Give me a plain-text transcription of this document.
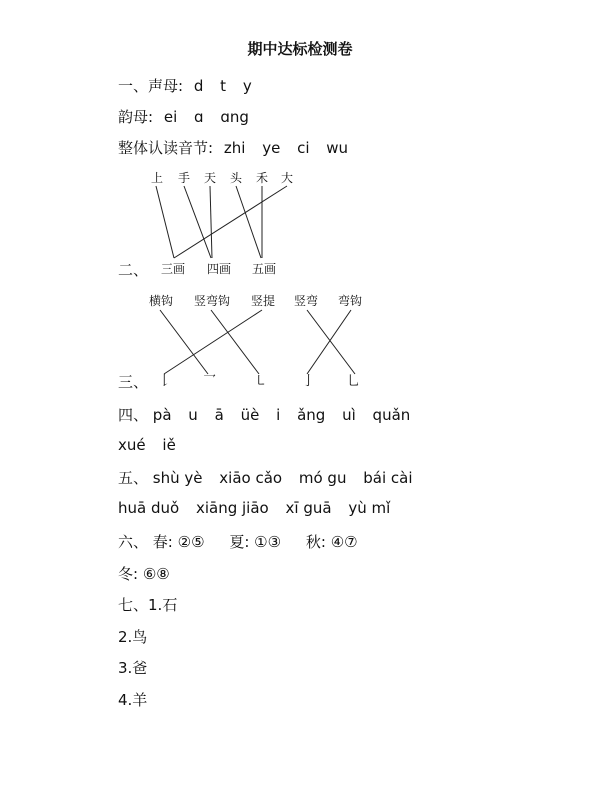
期中达标检测卷
一、声母: d t y
韵母: ei ɑ ɑng
整体认读音节: zhi ye ci wu
上 手 天 头 禾 大
二、 三画 四画 五画
横钩 竖弯钩 竖提 竖弯 弯钩
三、 𠄌 乛	㇄	亅 乚
四、 pà u ā üè i ǎng uì quǎn
xué iě
五、 shù yè xiāo cǎo mó gu bái cài
huā duǒ xiāng jiāo xī guā yù mǐ
六、 春: ②⑤ 夏: ①③ 秋: ④⑦
冬: ⑥⑧
七、1.石
2.鸟
3.爸
4.羊
